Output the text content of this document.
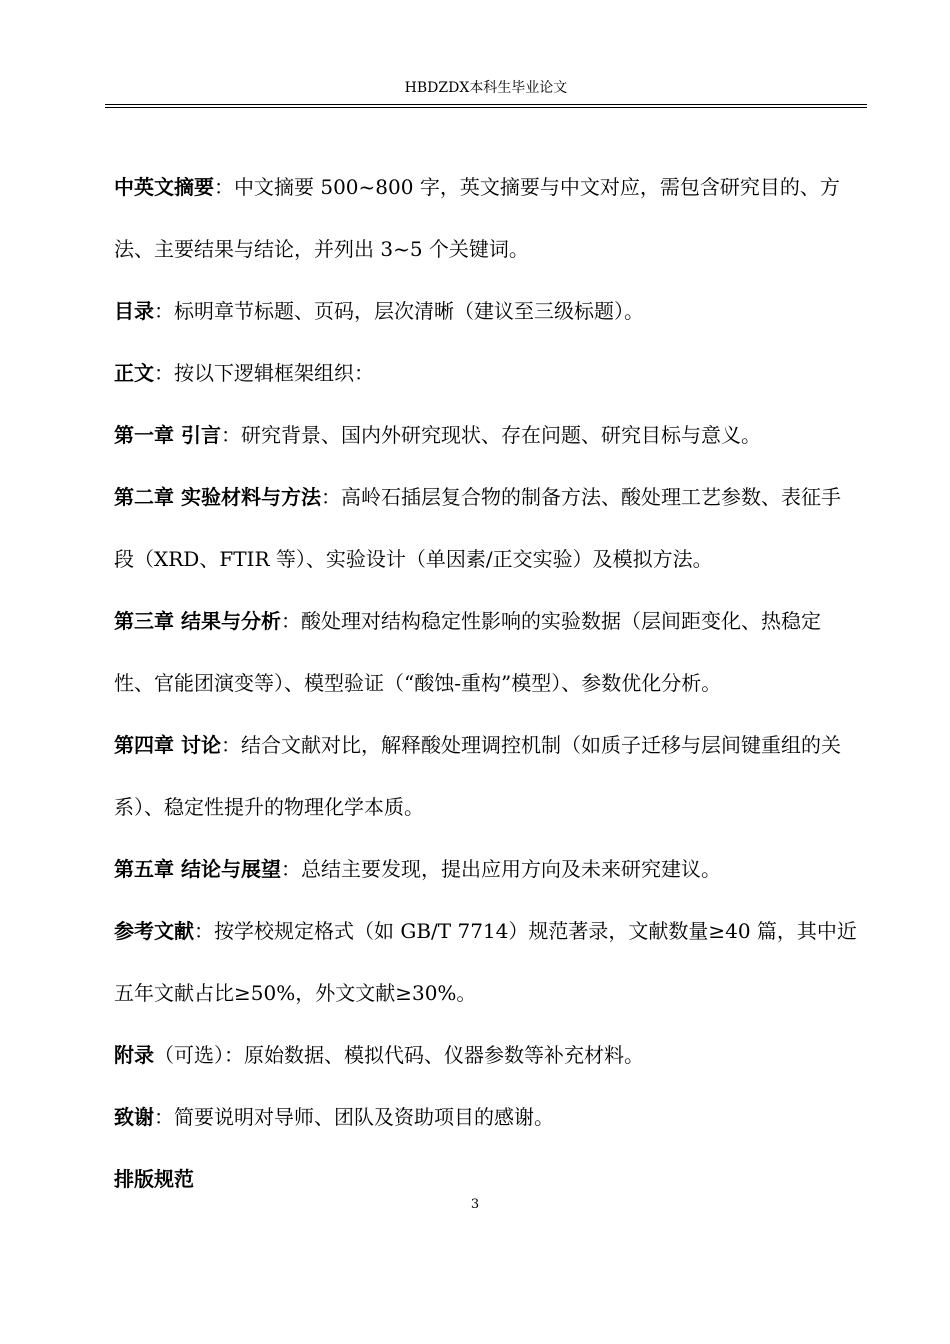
HBDZDX本科生毕业论文

中英文摘要：中文摘要 500~800 字，英文摘要与中文对应，需包含研究目的、方法、主要结果与结论，并列出 3~5 个关键词。

目录：标明章节标题、页码，层次清晰（建议至三级标题）。

正文：按以下逻辑框架组织：

第一章 引言：研究背景、国内外研究现状、存在问题、研究目标与意义。

第二章 实验材料与方法：高岭石插层复合物的制备方法、酸处理工艺参数、表征手段（XRD、FTIR 等）、实验设计（单因素/正交实验）及模拟方法。

第三章 结果与分析：酸处理对结构稳定性影响的实验数据（层间距变化、热稳定性、官能团演变等）、模型验证（“酸蚀-重构”模型）、参数优化分析。

第四章 讨论：结合文献对比，解释酸处理调控机制（如质子迁移与层间键重组的关系）、稳定性提升的物理化学本质。

第五章 结论与展望：总结主要发现，提出应用方向及未来研究建议。

参考文献：按学校规定格式（如 GB/T 7714）规范著录，文献数量≥40 篇，其中近五年文献占比≥50%，外文文献≥30%。

附录（可选）：原始数据、模拟代码、仪器参数等补充材料。

致谢：简要说明对导师、团队及资助项目的感谢。

排版规范

3
